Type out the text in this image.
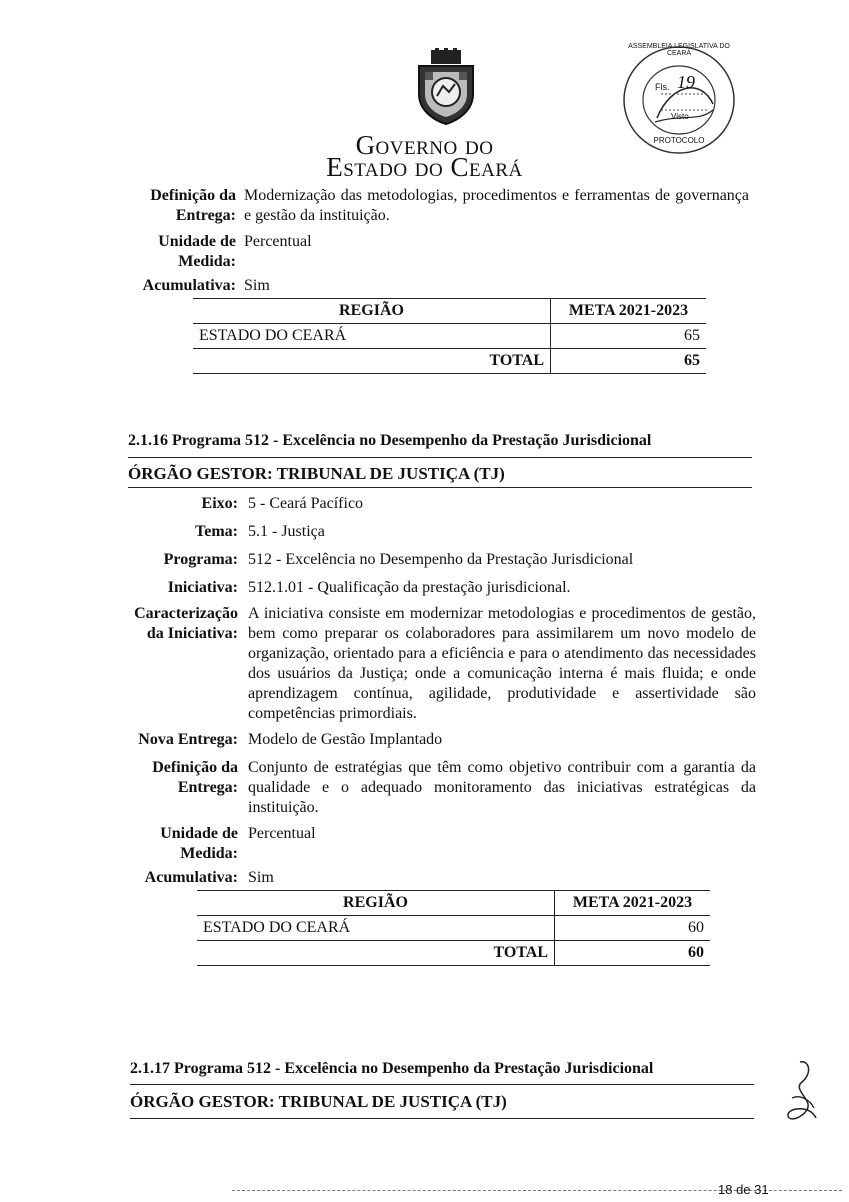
Governo do
Estado do Ceará
ASSEMBLEIA LEGISLATIVA DO CEARÁ
Fls. 19
Visto
PROTOCOLO
Definição da Entrega:
Modernização das metodologias, procedimentos e ferramentas de governança e gestão da instituição.
Unidade de Medida:
Percentual
Acumulativa: Sim
REGIÃO	META 2021-2023
ESTADO DO CEARÁ	65
TOTAL	65
2.1.16 Programa 512 - Excelência no Desempenho da Prestação Jurisdicional
ÓRGÃO GESTOR: TRIBUNAL DE JUSTIÇA (TJ)
Eixo: 5 - Ceará Pacífico
Tema: 5.1 - Justiça
Programa: 512 - Excelência no Desempenho da Prestação Jurisdicional
Iniciativa: 512.1.01 - Qualificação da prestação jurisdicional.
Caracterização da Iniciativa:
A iniciativa consiste em modernizar metodologias e procedimentos de gestão, bem como preparar os colaboradores para assimilarem um novo modelo de organização, orientado para a eficiência e para o atendimento das necessidades dos usuários da Justiça; onde a comunicação interna é mais fluida; e onde aprendizagem contínua, agilidade, produtividade e assertividade são competências primordiais.
Nova Entrega: Modelo de Gestão Implantado
Definição da Entrega:
Conjunto de estratégias que têm como objetivo contribuir com a garantia da qualidade e o adequado monitoramento das iniciativas estratégicas da instituição.
Unidade de Medida:
Percentual
Acumulativa: Sim
REGIÃO	META 2021-2023
ESTADO DO CEARÁ	60
TOTAL	60
2.1.17 Programa 512 - Excelência no Desempenho da Prestação Jurisdicional
ÓRGÃO GESTOR: TRIBUNAL DE JUSTIÇA (TJ)
18 de 31
